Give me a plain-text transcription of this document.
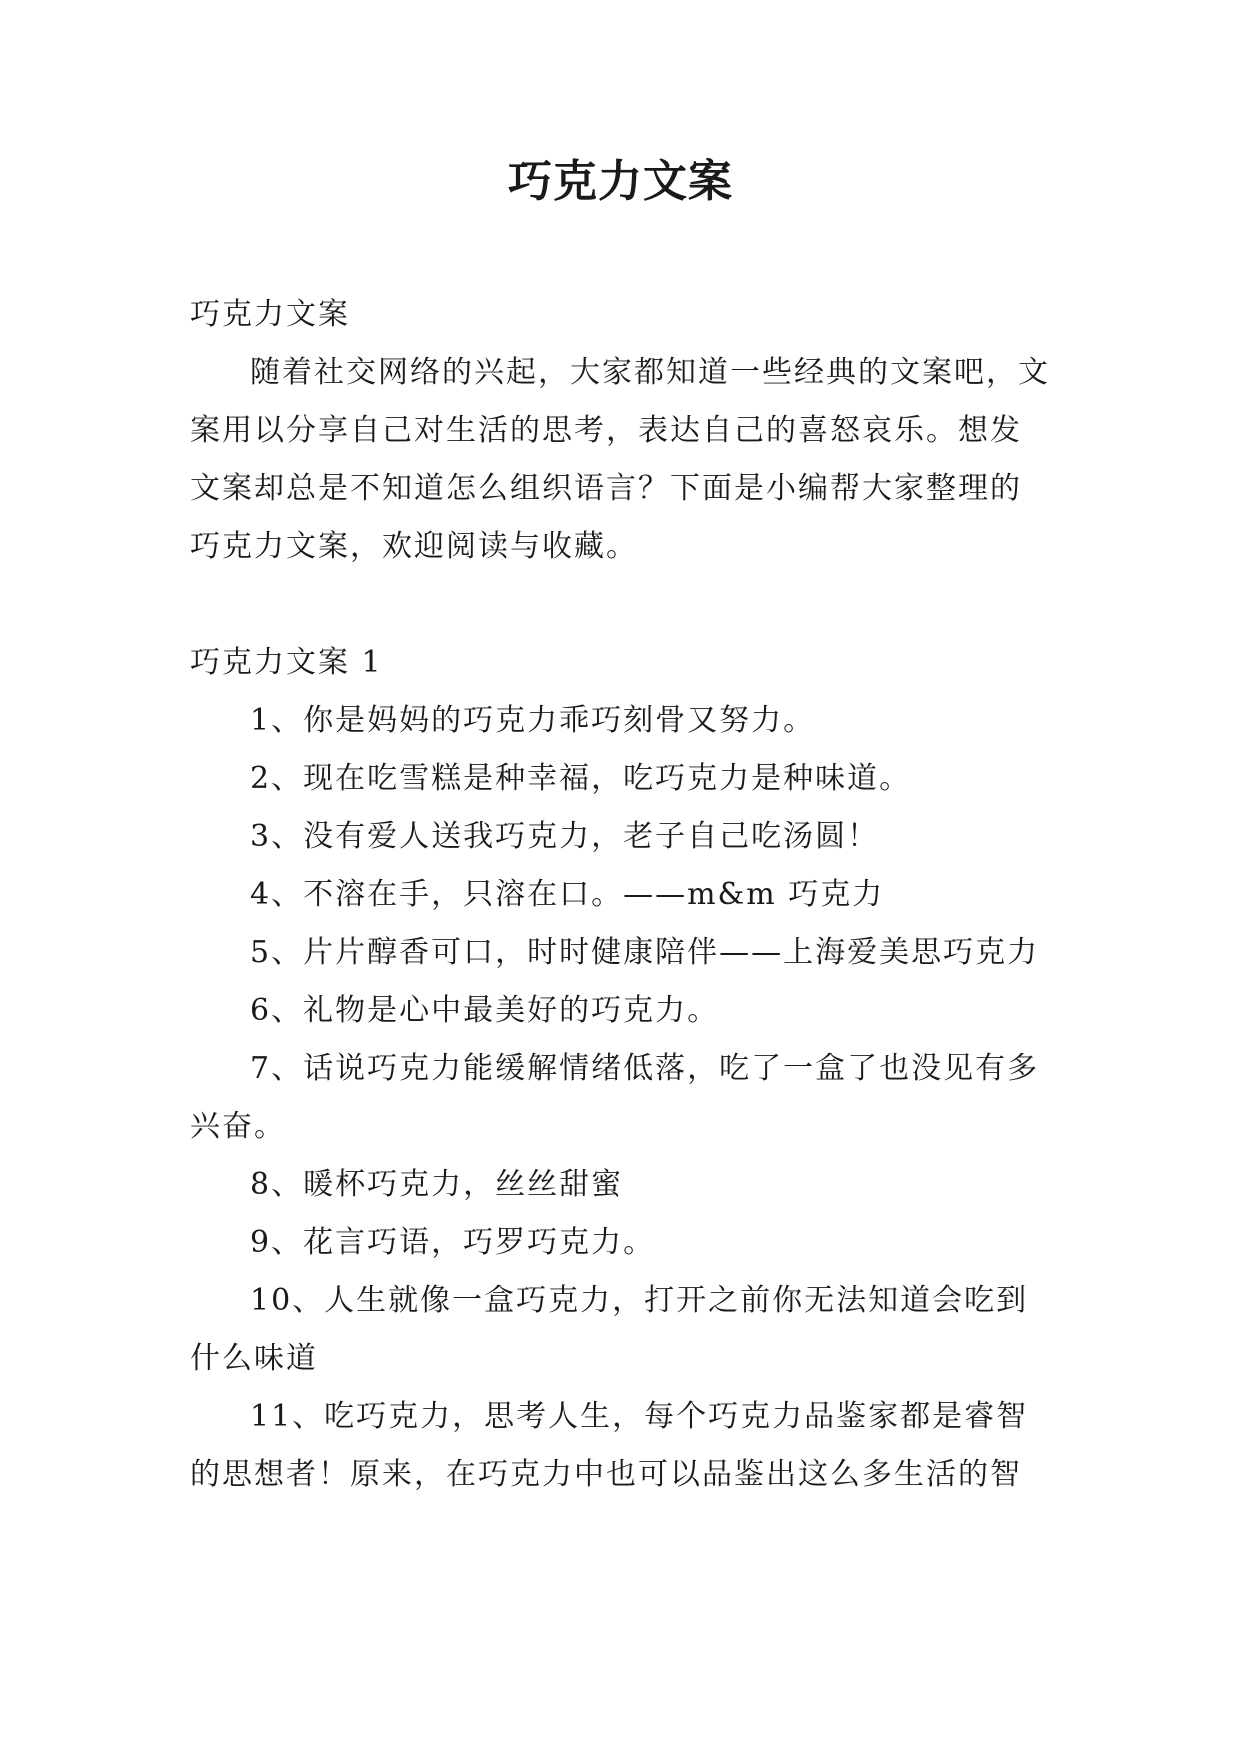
巧克力文案

巧克力文案

随着社交网络的兴起，大家都知道一些经典的文案吧，文案用以分享自己对生活的思考，表达自己的喜怒哀乐。想发文案却总是不知道怎么组织语言？下面是小编帮大家整理的巧克力文案，欢迎阅读与收藏。

巧克力文案 1

1、你是妈妈的巧克力乖巧刻骨又努力。

2、现在吃雪糕是种幸福，吃巧克力是种味道。

3、没有爱人送我巧克力，老子自己吃汤圆！

4、不溶在手，只溶在口。——m&m 巧克力

5、片片醇香可口，时时健康陪伴——上海爱美思巧克力

6、礼物是心中最美好的巧克力。

7、话说巧克力能缓解情绪低落，吃了一盒了也没见有多兴奋。

8、暖杯巧克力，丝丝甜蜜

9、花言巧语，巧罗巧克力。

10、人生就像一盒巧克力，打开之前你无法知道会吃到什么味道

11、吃巧克力，思考人生，每个巧克力品鉴家都是睿智的思想者！原来，在巧克力中也可以品鉴出这么多生活的智
